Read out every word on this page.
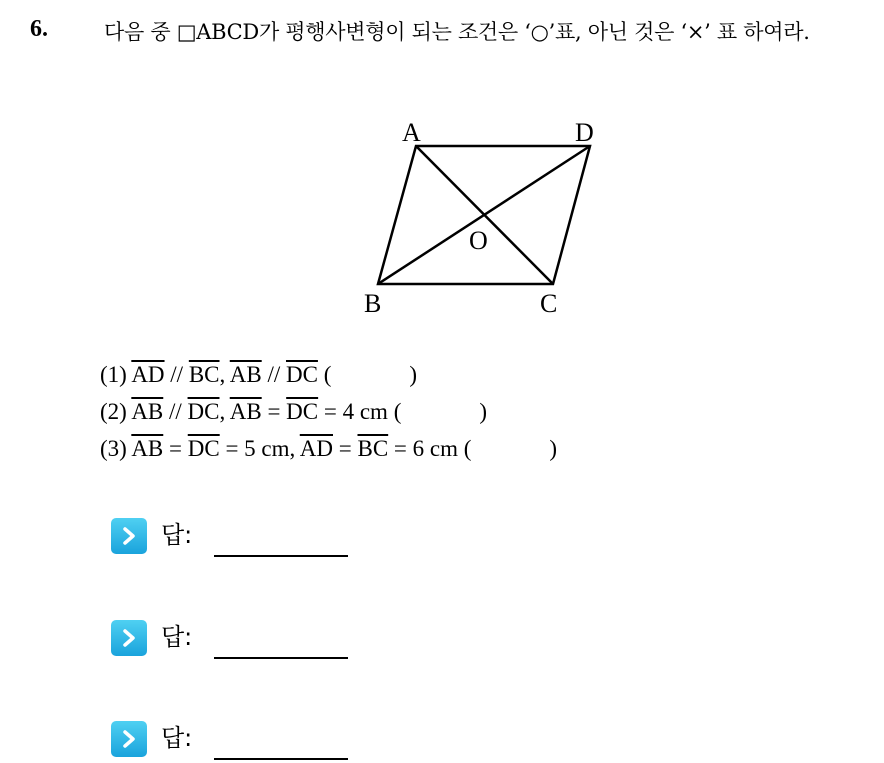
6.	다음 중 □ABCD가 평행사변형이 되는 조건은 ‘○’표, 아닌 것은 ‘×’ 표 하여라.
A	D
B	C
O
(1) $\overline{AD} // \overline{BC}$, $\overline{AB} // \overline{DC}$ (	)
(2) $\overline{AB} // \overline{DC}$, $\overline{AB} = \overline{DC} = 4$ cm (	)
(3) $\overline{AB} = \overline{DC} = 5$ cm, $\overline{AD} = \overline{BC} = 6$ cm (	)
답:
답:
답:
